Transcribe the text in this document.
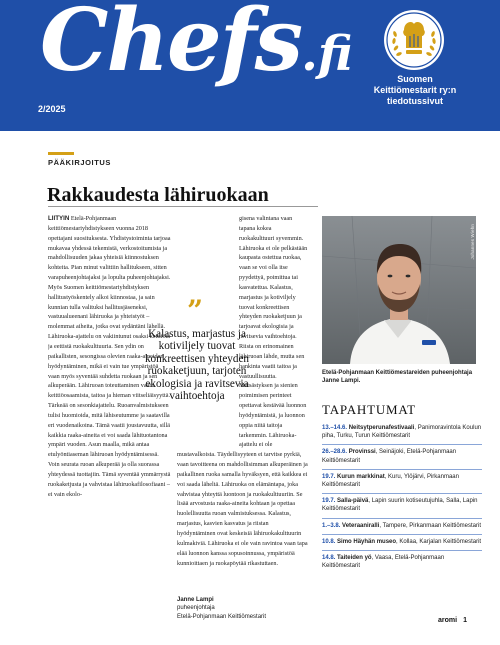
Chefs.fi
2/2025
Suomen
Keittiömestarit ry:n
tiedotussivut
PÄÄKIRJOITUS
Rakkaudesta lähiruokaan

LIITYIN Etelä-Pohjanmaan keittiömestariyhdistykseen vuonna 2018 opettajani suosituksesta. Yhdistystoiminta tarjoaa mukavaa yhdessä tekemistä, verkostoitumista ja mahdollisuuden jakaa yhteisiä kiinnostuksen kohteita. Pian minut valittiin hallitukseen, sitten varapuheenjohtajaksi ja lopulta puheenjohtajaksi. Myös Suomen keittiömestariyhdistyksen hallitustyöskentely alkoi kiinnostaa, ja sain kunnian tulla valituksi hallitusjäseneksi, vastuualueenani lähiruoka ja yhteistyöt – molemmat aiheita, jotka ovat sydäntäni lähellä. Lähiruoka-ajattelu on vakiintunut osaksi keittiöiä ja eettistä ruokakulttuuria. Sen ydin on paikallisten, sesongissa olevien raaka-aineiden hyödyntäminen, mikä ei vain tue ympäristöä vaan myös syventää suhdetta ruokaan ja sen alkuperään. Lähiruoan toteuttaminen vaatii keittiöosaamista, taitoa ja hieman viitseliäisyyttä. Tärkeää on sesonkiajattelu. Ruoanvalmistukseen tulisi huomioida, mitä lähiseutumme ja saatavilla eri vuodenaikoina. Tämä vaatii joustavuutta, sillä kaikkia raaka-aineita ei voi saada lähituotantona ympäri vuoden. Asun maalla, mikä antaa etulyöntiaseman lähiruoan hyödyntämisessä. Voin seurata ruoan alkuperää ja olla suorassa yhteydessä tuottajiin. Tämä syventää ymmärrystä ruokaketjusta ja vahvistaa lähiruokafilosofiaani – ei vain ekolo-

gisena valintana vaan tapana kokea ruokakulttuuri syvemmin. Lähiruoka ei ole pelkästään kaupasta ostettua ruokaa, vaan se voi olla itse pyydettyä, poimittua tai kasvatettua. Kalastus, marjastus ja kotiviljely tuovat konkreettisen yhteyden ruokaketjuun ja tarjoavat ekologisia ja ravitsevia vaihtoehtoja. Riista on erinomainen lähiruoan lähde, mutta sen hankinta vaatii taitoa ja vastuullisuutta. Metsästyksen ja sienien poimimisen perinteet opettavat kestävää luonnon hyödyntämistä, ja luonnon oppia niitä taitoja tarkemmin. Lähiruoka-ajattelu ei ole mustavalkoista. Täydellisyyteen ei tarvitse pyrkiä, vaan tavoitteena on mahdollisimman alkuperäinen ja paikallinen ruoka samalla hyväksyen, että kaikkea ei voi saada läheltä. Lähiruoka on elämäntapa, joka vahvistaa yhteyttä luontoon ja ruokakulttuuriin. Se lisää arvostusta raaka-aineita kohtaan ja opettaa huolellisuutta ruoan valmistuksessa. Kalastus, marjastus, kasvien kasvatus ja riistan hyödyntäminen ovat keskeisiä lähiruokakulttuurin kulmakiviä. Lähiruoka ei ole vain ravintoa vaan tapa elää luonnon kanssa sopusoinnussa, ympäristöä kunnioittaen ja ruokapöytää rikastuttaen.

”
Kalastus, marjastus ja kotiviljely tuovat konkreettisen yhteyden ruokaketjuun, tarjoten ekologisia ja ravitsevia vaihtoehtoja
Janne Lampi
puheenjohtaja
Etelä-Pohjanmaan Keittiömestarit
Johannes Wiehn
Etelä-Pohjanmaan Keittiömestareiden puheenjohtaja Janne Lampi.
TAPAHTUMAT
13.–14.6. Neitsytperunafestivaali, Panimoravintola Koulun piha, Turku, Turun Keittiömestarit
26.–28.6. Provinssi, Seinäjoki, Etelä-Pohjanmaan Keittiömestarit
19.7. Kurun markkinat, Kuru, Ylöjärvi, Pirkanmaan Keittiömestarit
19.7. Salla-päivä, Lapin suurin kotiseutujuhla, Salla, Lapin Keittiömestarit
1.–3.8. Veteraaniralli, Tampere, Pirkanmaan Keittiömestarit
10.8. Simo Häyhän museo, Kollaa, Karjalan Keittiömestarit
14.8. Taiteiden yö, Vaasa, Etelä-Pohjanmaan Keittiömestarit
aromi 1
